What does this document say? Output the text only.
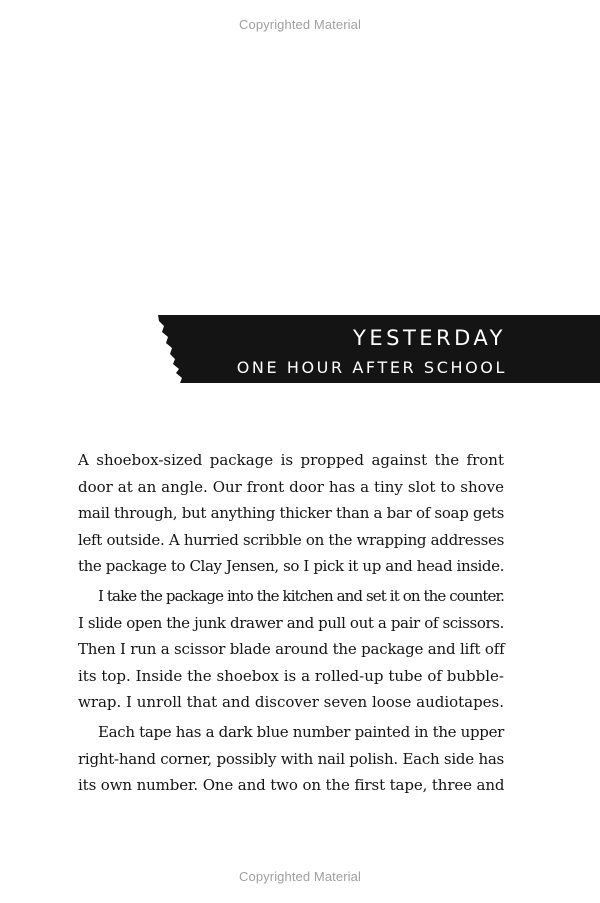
Copyrighted Material
YESTERDAY
ONE HOUR AFTER SCHOOL
A shoebox-sized package is propped against the front
door at an angle. Our front door has a tiny slot to shove
mail through, but anything thicker than a bar of soap gets
left outside. A hurried scribble on the wrapping addresses
the package to Clay Jensen, so I pick it up and head inside.
I take the package into the kitchen and set it on the counter.
I slide open the junk drawer and pull out a pair of scissors.
Then I run a scissor blade around the package and lift off
its top. Inside the shoebox is a rolled-up tube of bubble-
wrap. I unroll that and discover seven loose audiotapes.
Each tape has a dark blue number painted in the upper
right-hand corner, possibly with nail polish. Each side has
its own number. One and two on the first tape, three and
Copyrighted Material
